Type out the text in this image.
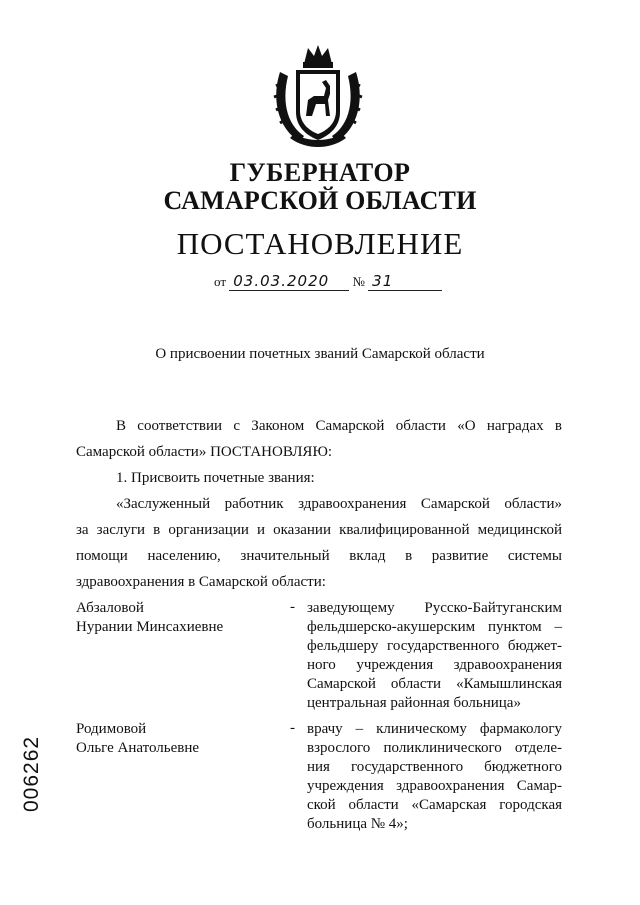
ГУБЕРНАТОР
САМАРСКОЙ ОБЛАСТИ
ПОСТАНОВЛЕНИЕ
от 03.03.2020 № 31
О присвоении почетных званий Самарской области
В соответствии с Законом Самарской области «О наградах в
Самарской области» ПОСТАНОВЛЯЮ:
1. Присвоить почетные звания:
«Заслуженный работник здравоохранения Самарской области»
за заслуги в организации и оказании квалифицированной медицинской
помощи населению, значительный вклад в развитие системы
здравоохранения в Самарской области:
Абзаловой
Нурании Минсахиевне
- заведующему Русско-Байтуганским
фельдшерско-акушерским пунктом –
фельдшеру государственного бюджет-
ного учреждения здравоохранения
Самарской области «Камышлинская
центральная районная больница»
Родимовой
Ольге Анатольевне
- врачу – клиническому фармакологу
взрослого поликлинического отделе-
ния государственного бюджетного
учреждения здравоохранения Самар-
ской области «Самарская городская
больница № 4»;
006262
